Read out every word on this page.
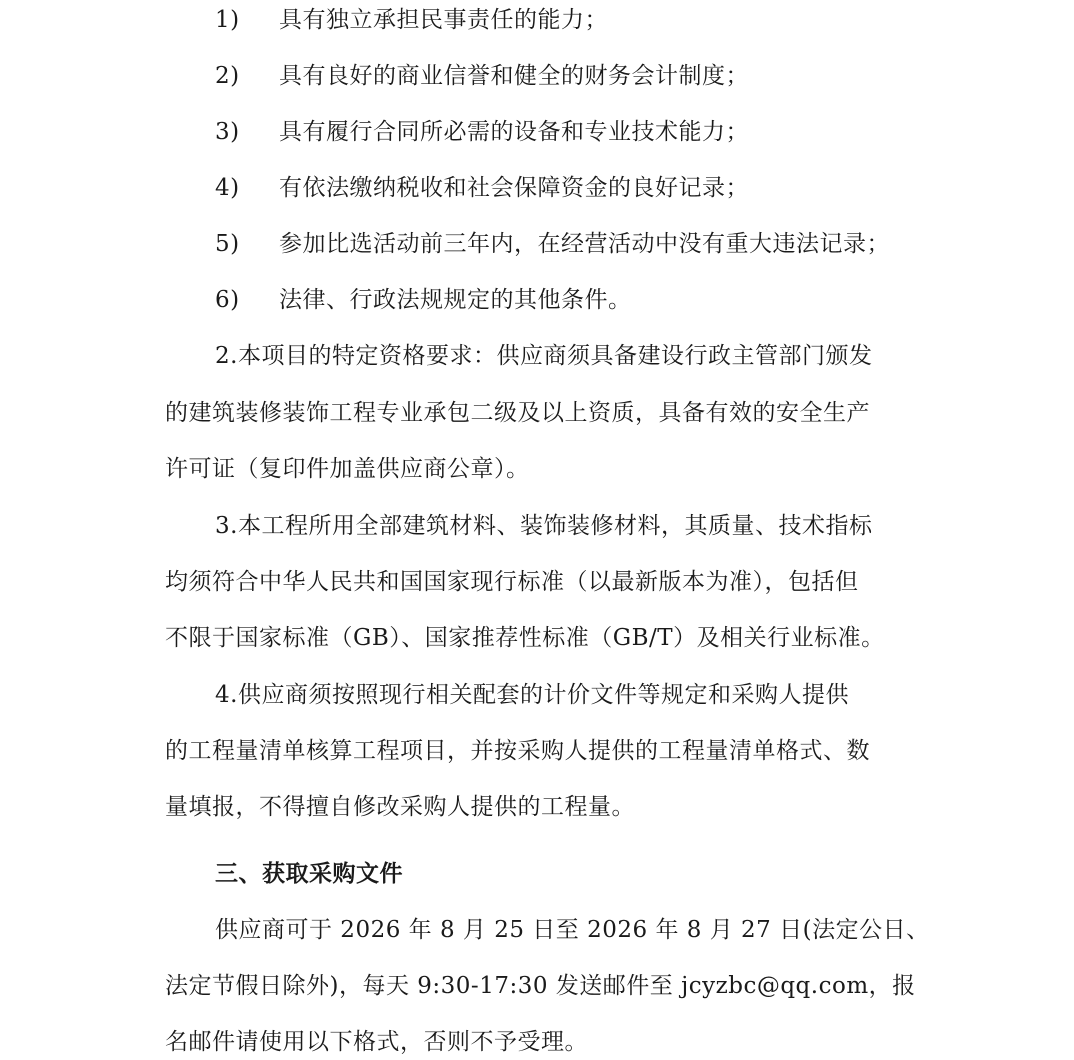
1) 具有独立承担民事责任的能力；
2) 具有良好的商业信誉和健全的财务会计制度；
3) 具有履行合同所必需的设备和专业技术能力；
4) 有依法缴纳税收和社会保障资金的良好记录；
5) 参加比选活动前三年内，在经营活动中没有重大违法记录；
6) 法律、行政法规规定的其他条件。
2.本项目的特定资格要求：供应商须具备建设行政主管部门颁发
的建筑装修装饰工程专业承包二级及以上资质，具备有效的安全生产
许可证（复印件加盖供应商公章）。
3.本工程所用全部建筑材料、装饰装修材料，其质量、技术指标
均须符合中华人民共和国国家现行标准（以最新版本为准），包括但
不限于国家标准（GB）、国家推荐性标准（GB/T）及相关行业标准。
4.供应商须按照现行相关配套的计价文件等规定和采购人提供
的工程量清单核算工程项目，并按采购人提供的工程量清单格式、数
量填报，不得擅自修改采购人提供的工程量。
三、获取采购文件
供应商可于 2026 年 8 月 25 日至 2026 年 8 月 27 日(法定公日、
法定节假日除外)，每天 9:30-17:30 发送邮件至 jcyzbc@qq.com，报
名邮件请使用以下格式，否则不予受理。
